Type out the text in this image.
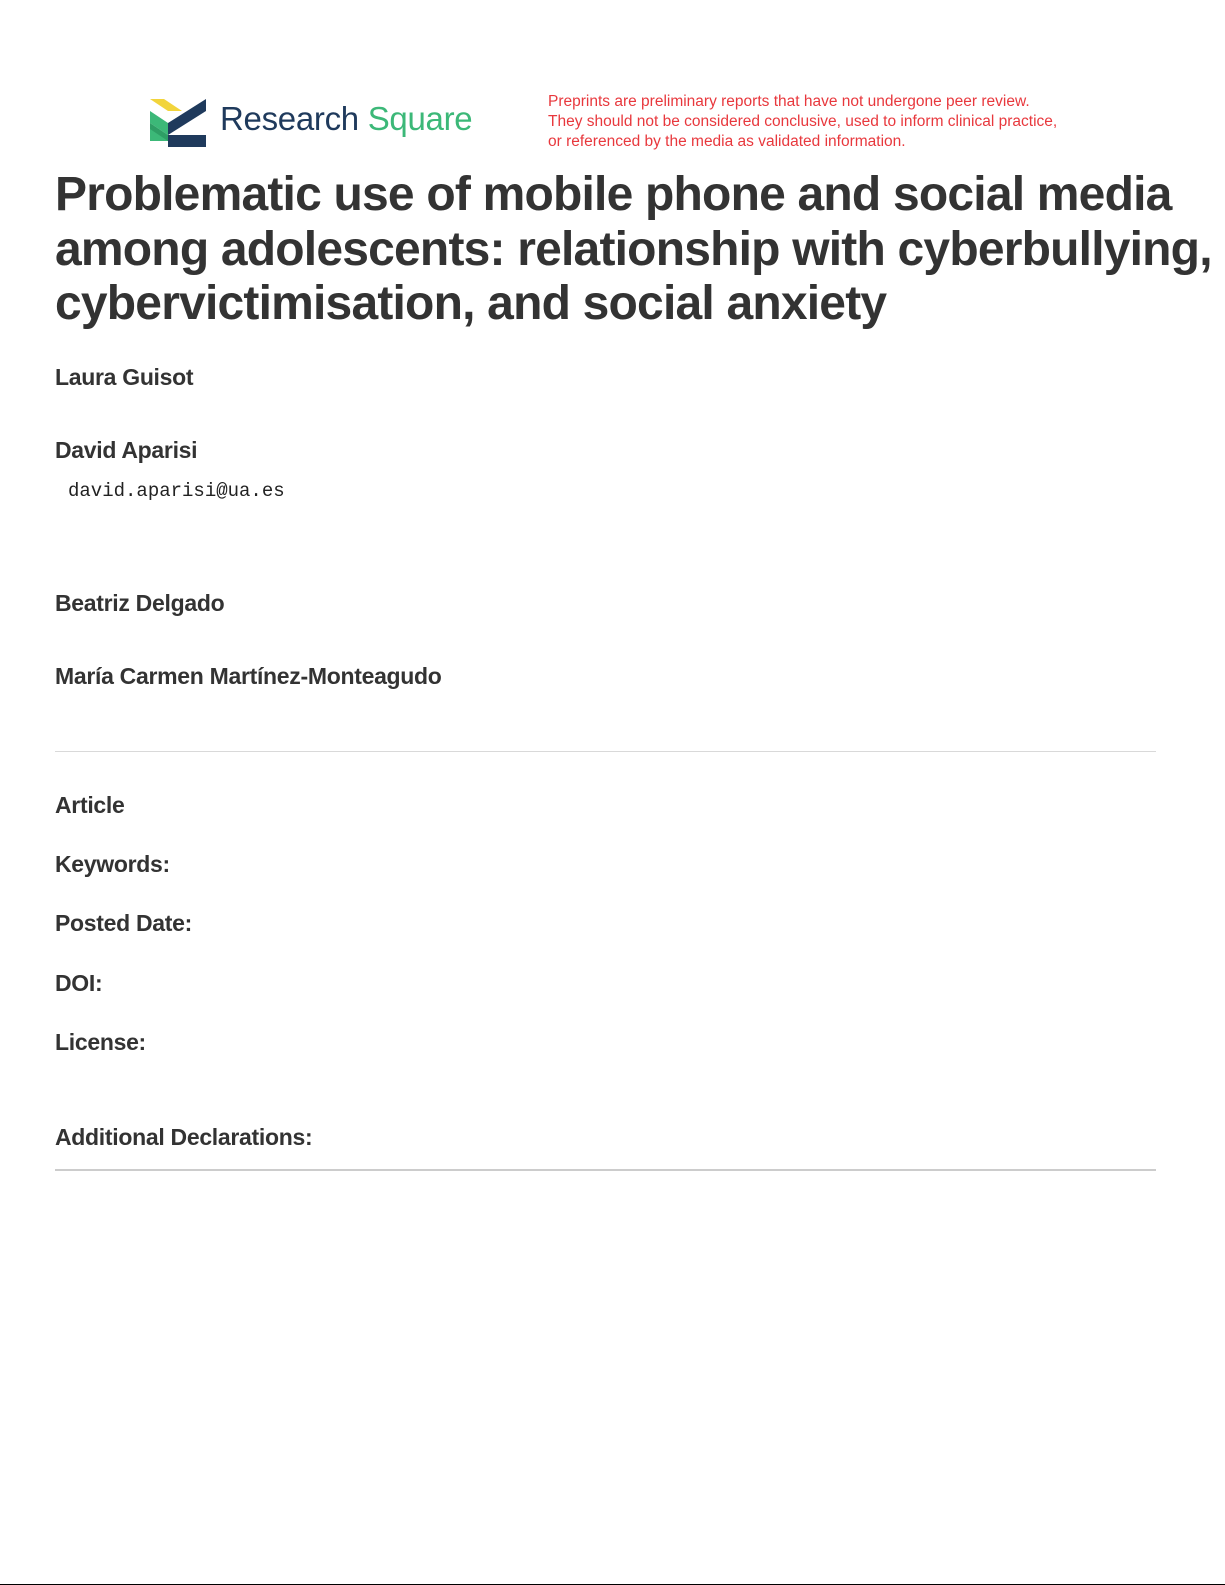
Research Square	Preprints are preliminary reports that have not undergone peer review.
They should not be considered conclusive, used to inform clinical practice,
or referenced by the media as validated information.
Problematic use of mobile phone and social media
among adolescents: relationship with cyberbullying,
cybervictimisation, and social anxiety
Laura Guisot
David Aparisi
david.aparisi@ua.es
Beatriz Delgado
María Carmen Martínez-Monteagudo
Article
Keywords:
Posted Date:
DOI:
License:
Additional Declarations:
